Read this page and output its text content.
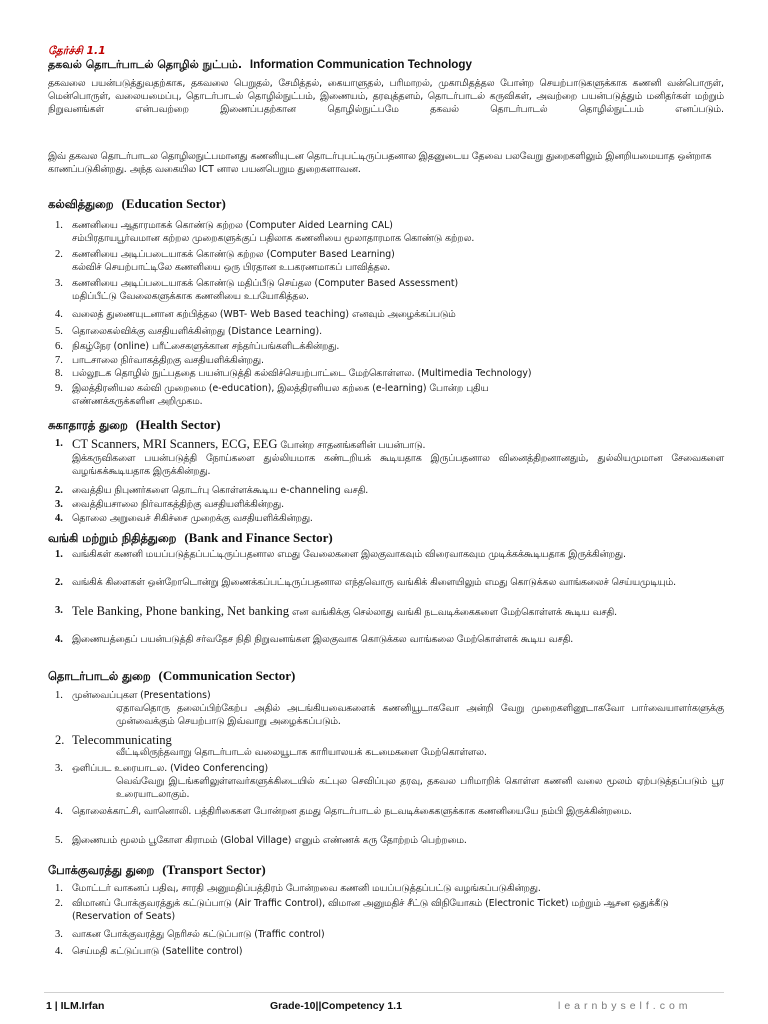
தேர்ச்சி 1.1
தகவல் தொடர்பாடல் தொழில் நுட்பம். Information Communication Technology
தகவலை பயன்படுத்துவதற்காக, தகவலை பெறுதல், சேமித்தல், கையாளுதல், பரிமாறல், முகாமிதத்தல போன்ற செயற்பாடுகளுக்காக கணனி வன்பொருள், மென்பொருள், வலையமைப்பு, தொடர்பாடல் தொழில்நுட்பம், இணையம், தரவுத்தளம், தொடர்பாடல் கருவிகள், அவற்றை பயன்படுத்தும் மனிதர்கள் மற்றும் நிறுவனங்கள் என்பவற்றை இணைப்பதற்கான தொழில்நுட்பமே தகவல் தொடர்பாடல் தொழில்நுட்பம் எனப்படும்.
இவ் தகவல தொடர்பாடல தொழிலநுட்பமானது கணனியுடன தொடர்புபட்டிருப்பதனால இதனுடைய தேவை பலவேறு துறைகளிலும் இனறியமையாத ஒன்றாக காணப்படுகின்றது. அந்த வகையில ICT னால பயனபெறும துறைகளாவன.
கல்வித்துறை (Education Sector)
1. கணனியை ஆதாரமாகக் கொண்டு கற்றல (Computer Aided Learning CAL)
சம்பிரதாயபூர்வமான கற்றல முறைகளுக்குப் பதிலாக கணனியை மூலாதாரமாக கொண்டு கற்றல.
2. கணனியை அடிப்படையாகக் கொண்டு கற்றல (Computer Based Learning)
கல்விச் செயற்பாட்டிலே கணனியை ஒரு பிரதான உபகரணமாகப் பாவித்தல.
3. கணனியை அடிப்படையாகக் கொண்டு மதிப்பீடு செய்தல (Computer Based Assessment)
மதிப்பீட்டு வேலைகளுக்காக கணனியை உபயோகித்தல.
4. வலைத் துணையுடனான கற்பித்தல (WBT- Web Based teaching) எனவும் அழைக்கப்படும்
5. தொலைகல்விக்கு வசதியளிக்கின்றது (Distance Learning).
6. நிகழ்நேர (online) பரீட்சைகளுக்கான சந்தர்ப்பங்களிடக்கின்றது.
7. பாடசாலை நிர்வாகத்திறகு வசதியளிக்கின்றது.
8. பல்லூடக தொழில் நுட்பததை பயன்படுத்தி கல்விச்செயற்பாட்டை மேற்கொள்ளல. (Multimedia Technology)
9. இலத்திரனியல கல்வி முறைமை (e-education), இலத்திரனியல கற்கை (e-learning) போன்ற புதிய
எண்ணக்கருக்களின அறிமுகம.
சுகாதாரத் துறை (Health Sector)
1. CT Scanners, MRI Scanners, ECG, EEG போன்ற சாதனங்களின் பயன்பாடு.
இக்கருவிகளை பயன்படுத்தி நோய்களை துல்லியமாக கண்டறியக் கூடியதாக இருப்பதனால வினைத்திறனானதும், துல்லியமுமான சேவைகளை வழங்கக்கூடியதாக இருக்கின்றது.
2. வைத்திய நிபுணர்களை தொடர்பு கொள்ளக்கூடிய e-channeling வசதி.
3. வைத்தியசாலை நிர்வாகத்திற்கு வசதியளிக்கின்றது.
4. தொலை அறுவைச் சிகிச்சை முறைக்கு வசதியளிக்கின்றது.
வங்கி மற்றும் நிதித்துறை (Bank and Finance Sector)
1. வங்கிகள் கணனி மயப்படுத்தப்பட்டிருப்பதனால எமது வேலைகளை இலகுவாகவும் விரைவாகவும முடிக்கக்கூடியதாக இருக்கின்றது.
2. வங்கிக் கிளைகள் ஒன்றோடொன்று இணைக்கப்பட்டிருப்பதனால எந்தவொரு வங்கிக் கிளையிலும் எமது கொடுக்கல வாங்கலைச் செய்யமுடியும்.
3. Tele Banking, Phone banking, Net banking என வங்கிக்கு செல்லாது வங்கி நடவடிக்கைகளை மேற்கொள்ளக் கூடிய வசதி.
4. இணையத்தைப் பயன்படுத்தி சர்வதேச நிதி நிறுவனங்கள இலகுவாக கொடுக்கல வாங்கலை மேற்கொள்ளக் கூடிய வசதி.
தொடர்பாடல் துறை (Communication Sector)
1. முன்வைப்புகள (Presentations)
ஏதாவதொரு தலைப்பிற்கேற்ப அதில் அடங்கியவைகளைக் கணனியூடாகவோ அன்றி வேறு முறைகளினூடாகவோ பார்வையாளர்களுக்கு முன்வைக்கும் செயற்பாடு இவ்வாறு அழைக்கப்படும்.
2. Telecommunicating
வீட்டிலிருந்தவாறு தொடர்பாடல் வலையூடாக காரியாலயக் கடமைகளை மேற்கொள்ளல.
3. ஒளிப்பட உரையாடல. (Video Conferencing)
வெவ்வேறு இடங்களிலுள்ளவர்களுக்கிடையில் கட்புல செவிப்புல தரவு, தகவல பரிமாறிக் கொள்ள கணனி வலை மூலம் ஏற்படுத்தப்படும் பூர உரையாடலாகும்.
4. தொலைக்காட்சி, வானொலி. பத்திரிகைகள போன்றன தமது தொடர்பாடல் நடவடிக்கைகளுக்காக கணனியையே நம்பி இருக்கின்றமை.
5. இணையம் மூலம் பூகோள கிராமம் (Global Village) எனும் எண்ணக் கரு தோற்றம் பெற்றமை.
போக்குவரத்து துறை (Transport Sector)
1. மோட்டர் வாகனப் பதிவு, சாரதி அனுமதிப்பத்திரம் போன்றவை கணனி மயப்படுத்தப்பட்டு வழங்கப்படுகின்றது.
2. விமானப் போக்குவரத்துக் கட்டுப்பாடு (Air Traffic Control), விமான அனுமதிச் சீட்டு விநியோகம் (Electronic Ticket) மற்றும் ஆசன ஒதுக்கீடு (Reservation of Seats)
3. வாகன போக்குவரத்து நெரிசல் கட்டுப்பாடு (Traffic control)
4. செய்மதி கட்டுப்பாடு (Satellite control)
1 | ILM.Irfan	Grade-10||Competency 1.1	learnbyself.com
